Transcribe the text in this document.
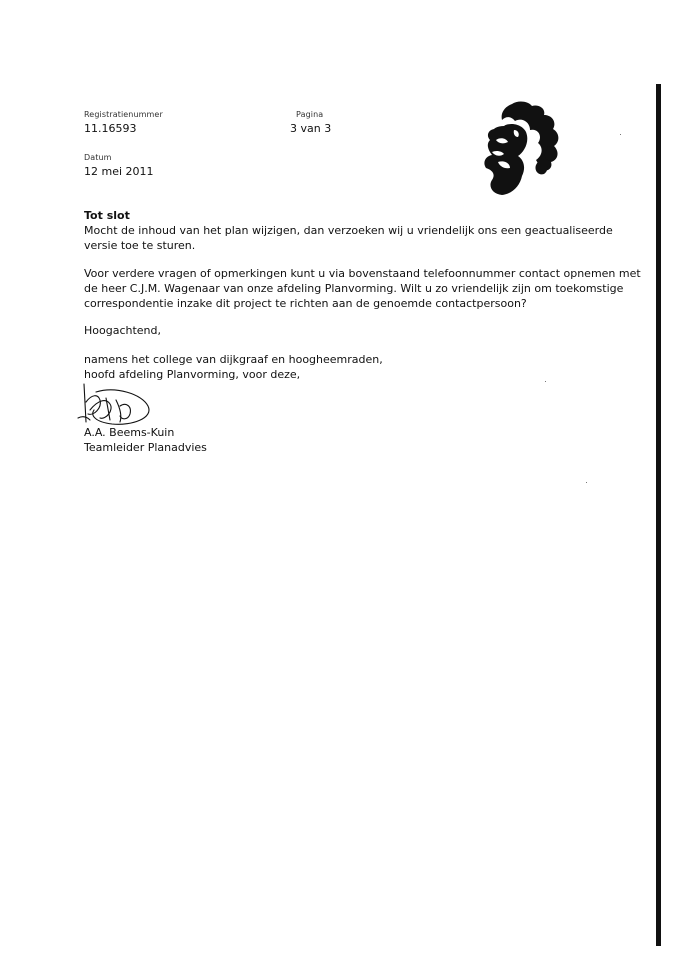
Registratienummer
11.16593
Pagina
3 van 3
Datum
12 mei 2011
Tot slot
Mocht de inhoud van het plan wijzigen, dan verzoeken wij u vriendelijk ons een geactualiseerde
versie toe te sturen.
Voor verdere vragen of opmerkingen kunt u via bovenstaand telefoonnummer contact opnemen met
de heer C.J.M. Wagenaar van onze afdeling Planvorming. Wilt u zo vriendelijk zijn om toekomstige
correspondentie inzake dit project te richten aan de genoemde contactpersoon?
Hoogachtend,
namens het college van dijkgraaf en hoogheemraden,
hoofd afdeling Planvorming, voor deze,
A.A. Beems-Kuin
Teamleider Planadvies
